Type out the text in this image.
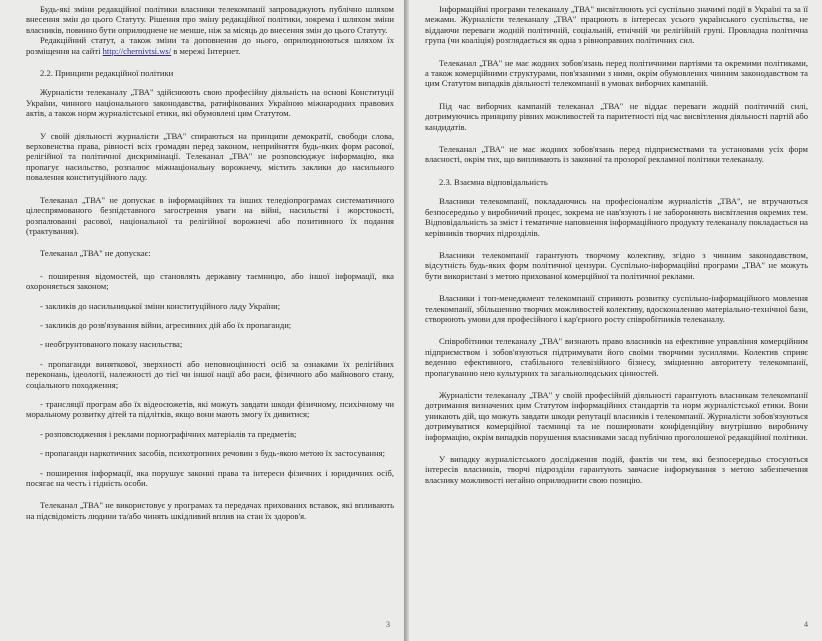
Будь-які зміни редакційної політики власники телекомпанії запроваджують публічно шляхом внесення змін до цього Статуту. Рішення про зміну редакційної політики, зокрема і шляхом зміни власників, повинно бути оприлюднене не менше, ніж за місяць до внесення змін до цього Статуту.

Редакційний статут, а також зміни та доповнення до нього, оприлюднюються шляхом їх розміщення на сайті http://chernivtsi.ws/ в мережі Інтернет.

2.2. Принципи редакційної політики

Журналісти телеканалу „ТВА" здійснюють свою професійну діяльність на основі Конституції України, чинного національного законодавства, ратифікованих Україною міжнародних правових актів, а також норм журналістської етики, які обумовлені цим Статутом.

У своїй діяльності журналісти „ТВА" спираються на принципи демократії, свободи слова, верховенства права, рівності всіх громадян перед законом, неприйняття будь-яких форм расової, релігійної та політичної дискримінації. Телеканал „ТВА" не розповсюджує інформацію, яка пропагує насильство, розпалює міжнаціональну ворожнечу, містить заклики до насильного повалення конституційного ладу.

Телеканал „ТВА" не допускає в інформаційних та інших теледіопрограмах систематичного цілеспрямованого безпідставного загострення уваги на війні, насильстві і жорстокості, розпалюванні расової, національної та релігійної ворожнечі або позитивного їх подання (трактування).

Телеканал „ТВА" не допускає:

- поширення відомостей, що становлять державну таємницю, або іншої інформації, яка охороняється законом;

- закликів до насильницької зміни конституційного ладу України;

- закликів до розв'язування війни, агресивних дій або їх пропаганди;

- необгрунтованого показу насильства;

- пропаганди виняткової, зверхності або неповноцінності осіб за ознаками їх релігійних переконань, ідеології, належності до тієї чи іншої нації або раси, фізичного або майнового стану, соціального походження;

- трансляції програм або їх відеосюжетів, які можуть завдати шкоди фізичному, психічному чи моральному розвитку дітей та підлітків, якщо вони мають змогу їх дивитися;

- розповсюдження і реклами порнографічних матеріалів та предметів;

- пропаганди наркотичних засобів, психотропних речовин з будь-якою метою їх застосування;

- поширення інформації, яка порушує законні права та інтереси фізичних і юридичних осіб, посягає на честь і гідність особи.

Телеканал „ТВА" не використовує у програмах та передачах прихованих вставок, які впливають на підсвідомість людини та/або чинять шкідливий вплив на стан їх здоров'я.

3

Інформаційні програми телеканалу „ТВА" висвітлюють усі суспільно значимі події в Україні та за її межами. Журналісти телеканалу „ТВА" працюють в інтересах усього українського суспільства, не віддаючи переваги жодній політичній, соціальній, етнічній чи релігійній групі. Провладна політична група (чи коаліція) розглядається як одна з рівноправних політичних сил.

Телеканал „ТВА" не має жодних зобов'язань перед політичними партіями та окремими політиками, а також комерційними структурами, пов'язаними з ними, окрім обумовлених чинним законодавством та цим Статутом випадків діяльності телекомпанії в умовах виборчих кампаній.

Під час виборчих кампаній телеканал „ТВА" не віддає переваги жодній політичній силі, дотримуючись принципу рівних можливостей та паритетності під час висвітлення діяльності партій або кандидатів.

Телеканал „ТВА" не має жодних зобов'язань перед підприємствами та установами усіх форм власності, окрім тих, що випливають із законної та прозорої рекламної політики телеканалу.

2.3. Взаємна відповідальність

Власники телекомпанії, покладаючись на професіоналізм журналістів „ТВА", не втручаються безпосередньо у виробничий процес, зокрема не нав'язують і не забороняють висвітлення окремих тем. Відповідальність за зміст і тематичне наповнення інформаційного продукту телеканалу покладається на керівників творчих підрозділів.

Власники телекомпанії гарантують творчому колективу, згідно з чинним законодавством, відсутність будь-яких форм політичної цензури. Суспільно-інформаційні програми „ТВА" не можуть бути використані з метою прихованої комерційної та політичної реклами.

Власники і топ-менеджмент телекомпанії сприяють розвитку суспільно-інформаційного мовлення телекомпанії, збільшенню творчих можливостей колективу, вдосконаленню матеріально-технічної бази, створюють умови для професійного і кар'єрного росту співробітників телеканалу.

Співробітники телеканалу „ТВА" визнають право власників на ефективне управління комерційним підприємством і зобов'язуються підтримувати його своїми творчими зусиллями. Колектив сприяє веденню ефективного, стабільного телевізійного бізнесу, зміцненню авторитету телекомпанії, пропагуванню нею культурних та загальнолюдських цінностей.

Журналісти телеканалу „ТВА" у своїй професійній діяльності гарантують власникам телекомпанії дотримання визначених цим Статутом інформаційних стандартів та норм журналістської етики. Вони уникають дій, що можуть завдати шкоди репутації власників і телекомпанії. Журналісти зобов'язуються дотримуватися комерційної таємниці та не поширювати конфіденційну внутрішню виробничу інформацію, окрім випадків порушення власниками засад публічно проголошеної редакційної політики.

У випадку журналістського дослідження подій, фактів чи тем, які безпосередньо стосуються інтересів власників, творчі підрозділи гарантують завчасне інформування з метою забезпечення власнику можливості негайно оприлюднити свою позицію.

4
